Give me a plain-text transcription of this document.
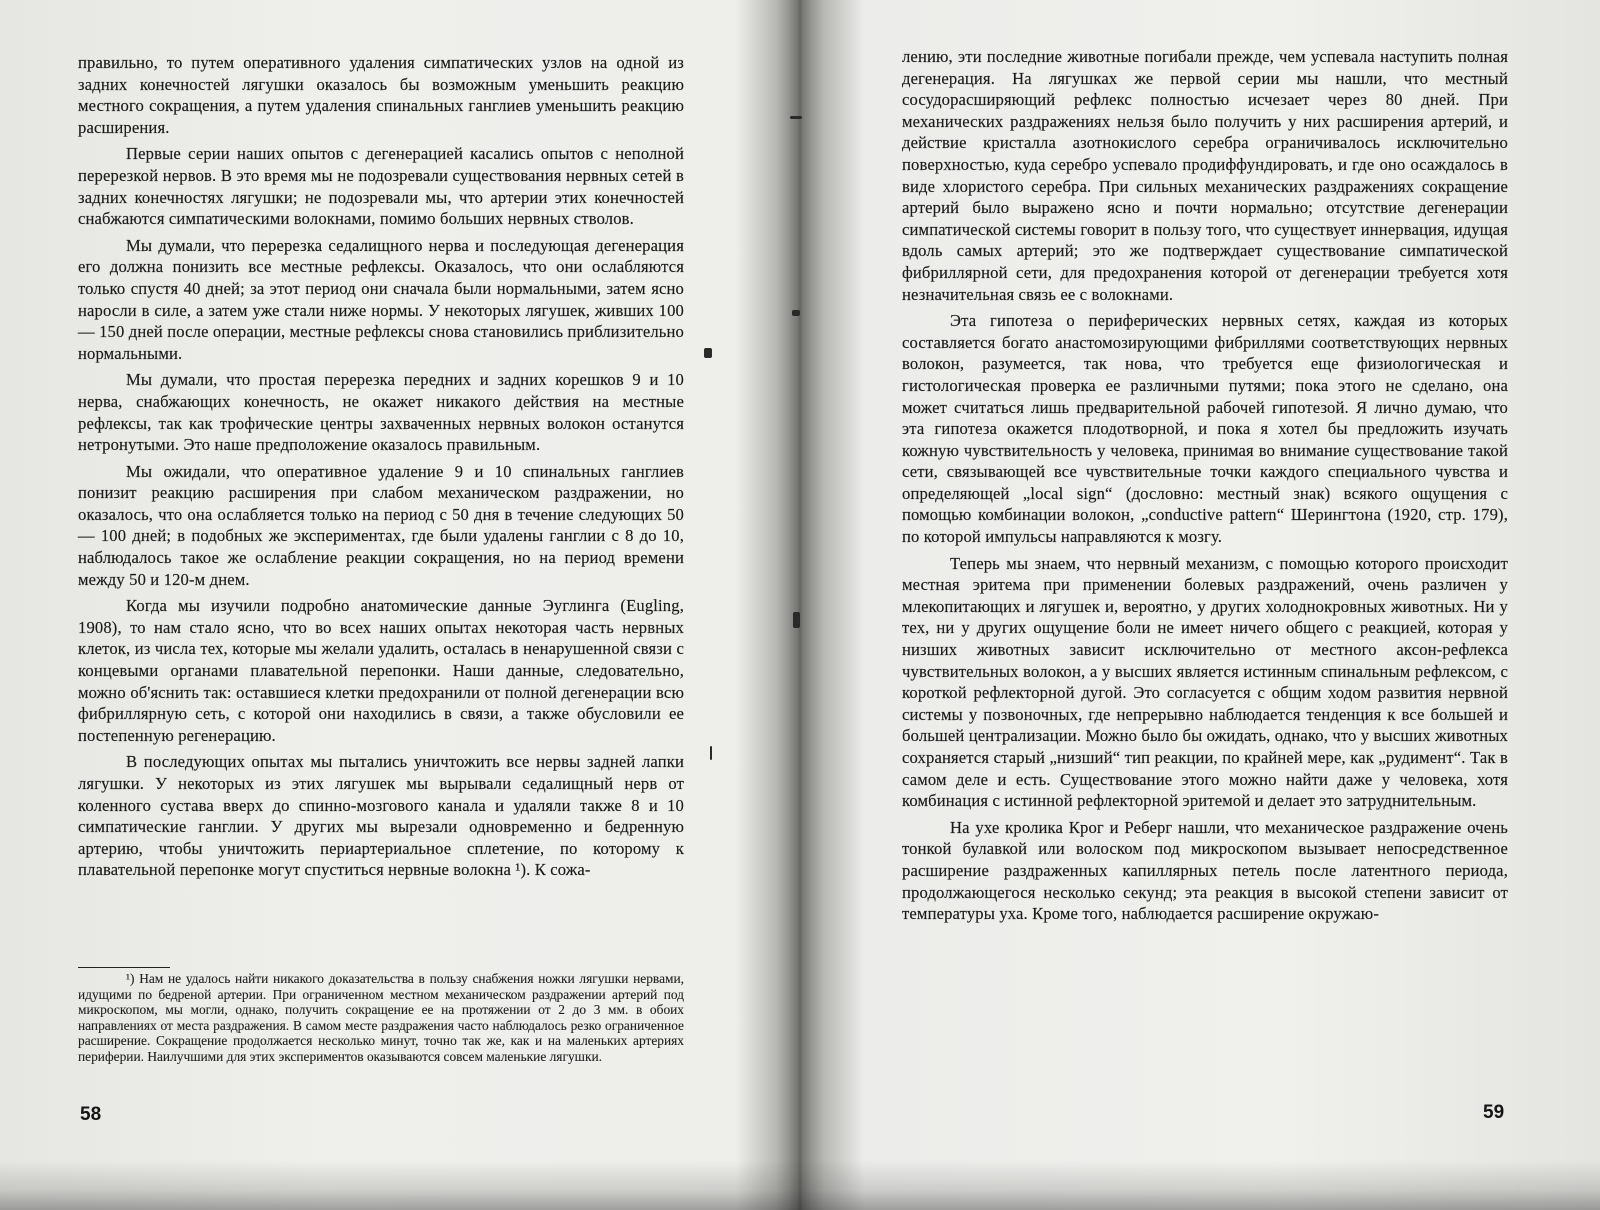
правильно, то путем оперативного удаления симпатических узлов на одной из задних конечностей лягушки оказалось бы возможным уменьшить реакцию местного сокращения, а путем удаления спинальных ганглиев уменьшить реакцию расширения.

Первые серии наших опытов с дегенерацией касались опытов с неполной перерезкой нервов. В это время мы не подозревали существования нервных сетей в задних конечностях лягушки; не подозревали мы, что артерии этих конечностей снабжаются симпатическими волокнами, помимо больших нервных стволов.

Мы думали, что перерезка седалищного нерва и последующая дегенерация его должна понизить все местные рефлексы. Оказалось, что они ослабляются только спустя 40 дней; за этот период они сначала были нормальными, затем ясно наросли в силе, а затем уже стали ниже нормы. У некоторых лягушек, живших 100 — 150 дней после операции, местные рефлексы снова становились приблизительно нормальными.

Мы думали, что простая перерезка передних и задних корешков 9 и 10 нерва, снабжающих конечность, не окажет никакого действия на местные рефлексы, так как трофические центры захваченных нервных волокон останутся нетронутыми. Это наше предположение оказалось правильным.

Мы ожидали, что оперативное удаление 9 и 10 спинальных ганглиев понизит реакцию расширения при слабом механическом раздражении, но оказалось, что она ослабляется только на период с 50 дня в течение следующих 50 — 100 дней; в подобных же экспериментах, где были удалены ганглии с 8 до 10, наблюдалось такое же ослабление реакции сокращения, но на период времени между 50 и 120-м днем.

Когда мы изучили подробно анатомические данные Эуглинга (Eugling, 1908), то нам стало ясно, что во всех наших опытах некоторая часть нервных клеток, из числа тех, которые мы желали удалить, осталась в ненарушенной связи с концевыми органами плавательной перепонки. Наши данные, следовательно, можно об'яснить так: оставшиеся клетки предохранили от полной дегенерации всю фибриллярную сеть, с которой они находились в связи, а также обусловили ее постепенную регенерацию.

В последующих опытах мы пытались уничтожить все нервы задней лапки лягушки. У некоторых из этих лягушек мы вырывали седалищный нерв от коленного сустава вверх до спинно-мозгового канала и удаляли также 8 и 10 симпатические ганглии. У других мы вырезали одновременно и бедренную артерию, чтобы уничтожить периартериальное сплетение, по которому к плавательной перепонке могут спуститься нервные волокна ¹). К сожа-

¹) Нам не удалось найти никакого доказательства в пользу снабжения ножки лягушки нервами, идущими по бедреной артерии. При ограниченном местном механическом раздражении артерий под микроскопом, мы могли, однако, получить сокращение ее на протяжении от 2 до 3 мм. в обоих направлениях от места раздражения. В самом месте раздражения часто наблюдалось резко ограниченное расширение. Сокращение продолжается несколько минут, точно так же, как и на маленьких артериях периферии. Наилучшими для этих экспериментов оказываются совсем маленькие лягушки.
58

лению, эти последние животные погибали прежде, чем успевала наступить полная дегенерация. На лягушках же первой серии мы нашли, что местный сосудорасширяющий рефлекс полностью исчезает через 80 дней. При механических раздражениях нельзя было получить у них расширения артерий, и действие кристалла азотнокислого серебра ограничивалось исключительно поверхностью, куда серебро успевало продиффундировать, и где оно осаждалось в виде хлористого серебра. При сильных механических раздражениях сокращение артерий было выражено ясно и почти нормально; отсутствие дегенерации симпатической системы говорит в пользу того, что существует иннервация, идущая вдоль самых артерий; это же подтверждает существование симпатической фибриллярной сети, для предохранения которой от дегенерации требуется хотя незначительная связь ее с волокнами.

Эта гипотеза о периферических нервных сетях, каждая из которых составляется богато анастомозирующими фибриллями соответствующих нервных волокон, разумеется, так нова, что требуется еще физиологическая и гистологическая проверка ее различными путями; пока этого не сделано, она может считаться лишь предварительной рабочей гипотезой. Я лично думаю, что эта гипотеза окажется плодотворной, и пока я хотел бы предложить изучать кожную чувствительность у человека, принимая во внимание существование такой сети, связывающей все чувствительные точки каждого специального чувства и определяющей „local sign“ (дословно: местный знак) всякого ощущения с помощью комбинации волокон, „conductive pattern“ Шерингтона (1920, стр. 179), по которой импульсы направляются к мозгу.

Теперь мы знаем, что нервный механизм, с помощью которого происходит местная эритема при применении болевых раздражений, очень различен у млекопитающих и лягушек и, вероятно, у других холоднокровных животных. Ни у тех, ни у других ощущение боли не имеет ничего общего с реакцией, которая у низших животных зависит исключительно от местного аксон-рефлекса чувствительных волокон, а у высших является истинным спинальным рефлексом, с короткой рефлекторной дугой. Это согласуется с общим ходом развития нервной системы у позвоночных, где непрерывно наблюдается тенденция к все большей и большей централизации. Можно было бы ожидать, однако, что у высших животных сохраняется старый „низший“ тип реакции, по крайней мере, как „рудимент“. Так в самом деле и есть. Существование этого можно найти даже у человека, хотя комбинация с истинной рефлекторной эритемой и делает это затруднительным.

На ухе кролика Крог и Реберг нашли, что механическое раздражение очень тонкой булавкой или волоском под микроскопом вызывает непосредственное расширение раздраженных капиллярных петель после латентного периода, продолжающегося несколько секунд; эта реакция в высокой степени зависит от температуры уха. Кроме того, наблюдается расширение окружаю-

59
